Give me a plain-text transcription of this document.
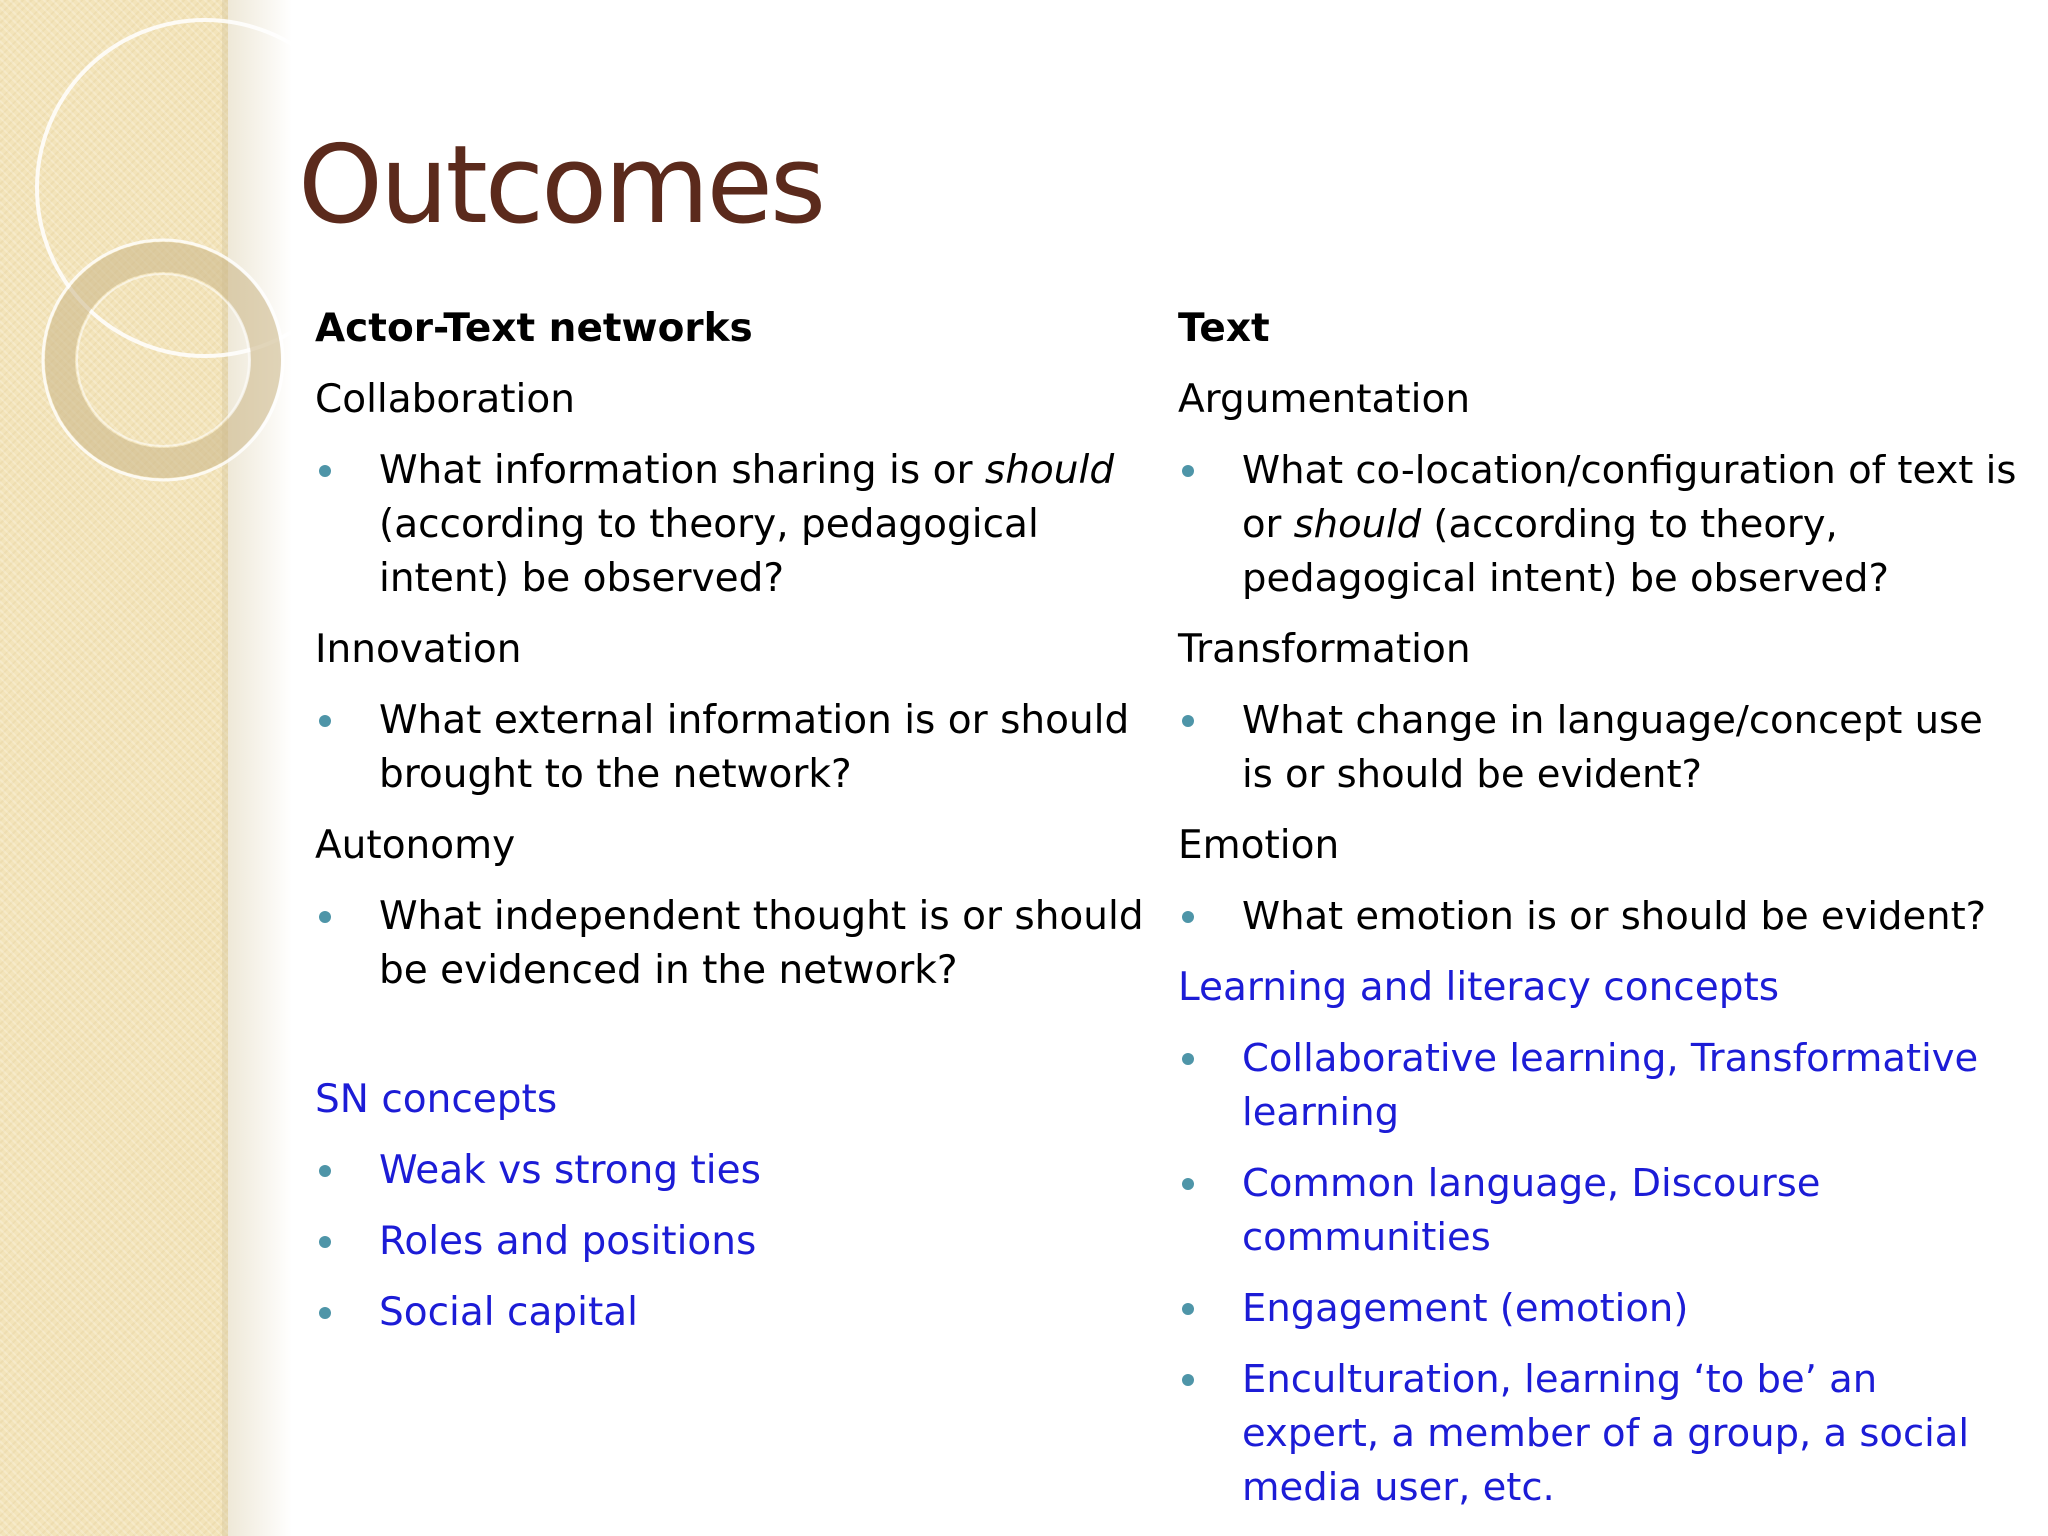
Outcomes
Actor-Text networks
Collaboration
What information sharing is or should (according to theory, pedagogical intent) be observed?
Innovation
What external information is or should brought to the network?
Autonomy
What independent thought is or should be evidenced in the network?
SN concepts
Weak vs strong ties
Roles and positions
Social capital
Text
Argumentation
What co-location/configuration of text is or should (according to theory, pedagogical intent) be observed?
Transformation
What change in language/concept use is or should be evident?
Emotion
What emotion is or should be evident?
Learning and literacy concepts
Collaborative learning, Transformative learning
Common language, Discourse communities
Engagement (emotion)
Enculturation, learning ‘to be’ an expert, a member of a group, a social media user, etc.
